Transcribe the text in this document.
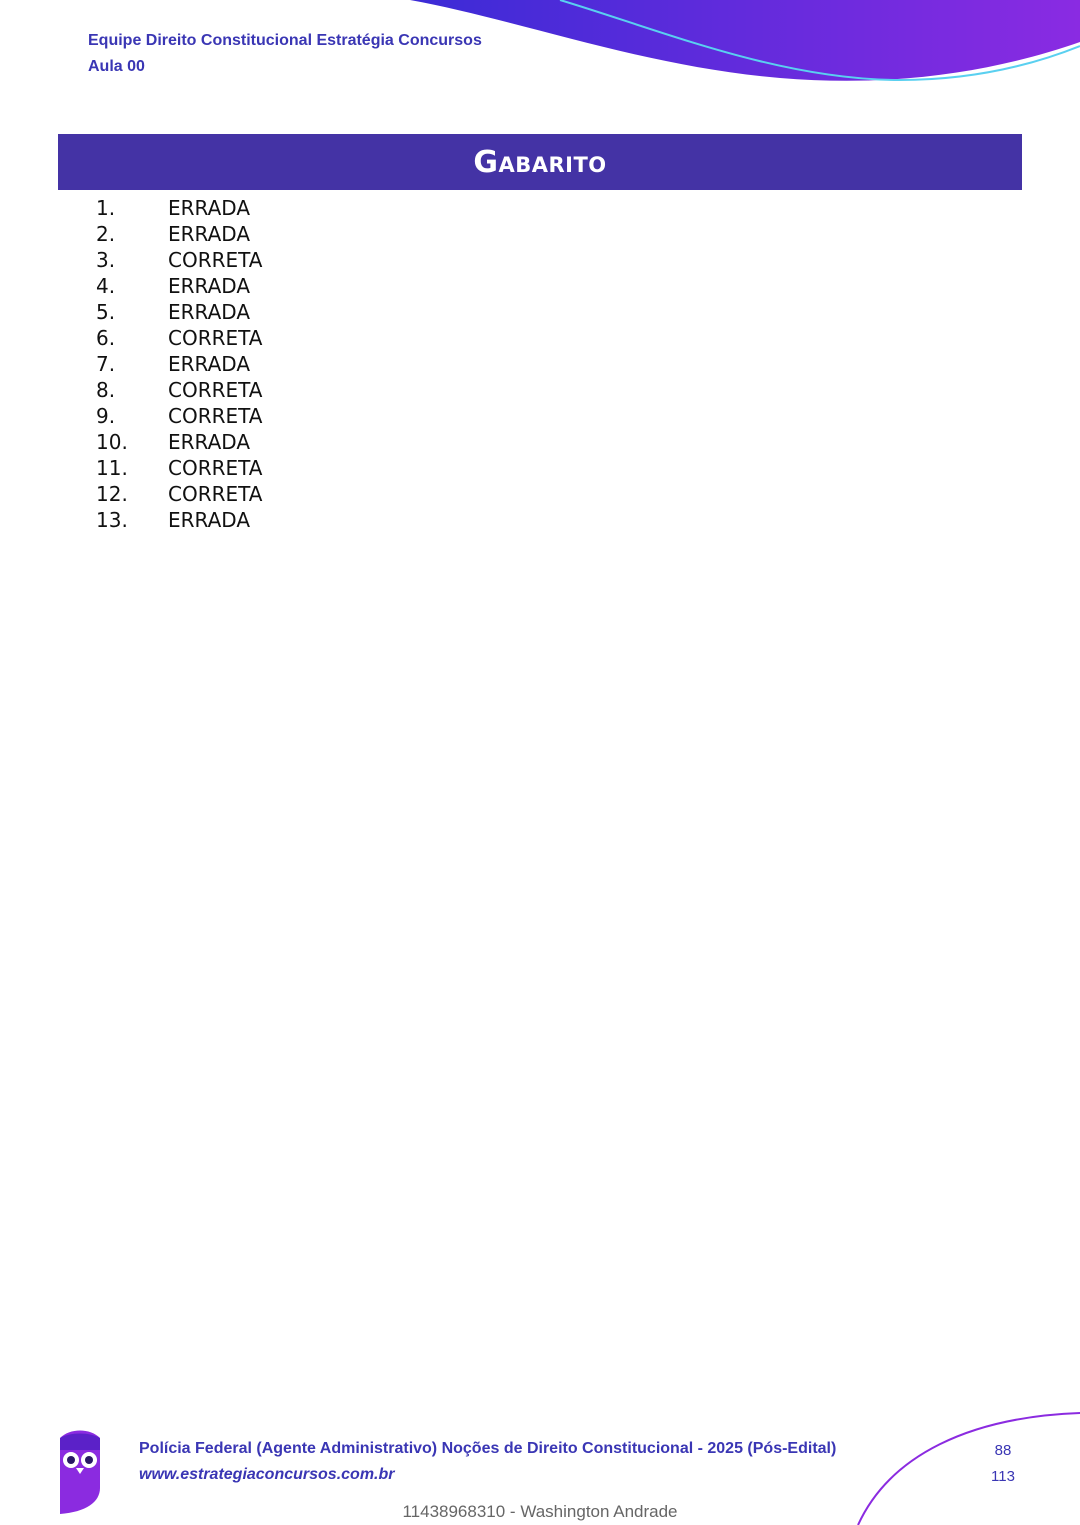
Equipe Direito Constitucional Estratégia Concursos
Aula 00
Gabarito
1.	ERRADA
2.	ERRADA
3.	CORRETA
4.	ERRADA
5.	ERRADA
6.	CORRETA
7.	ERRADA
8.	CORRETA
9.	CORRETA
10.	ERRADA
11.	CORRETA
12.	CORRETA
13.	ERRADA
Polícia Federal (Agente Administrativo) Noções de Direito Constitucional - 2025 (Pós-Edital)
www.estrategiaconcursos.com.br
88
113
11438968310 - Washington Andrade
